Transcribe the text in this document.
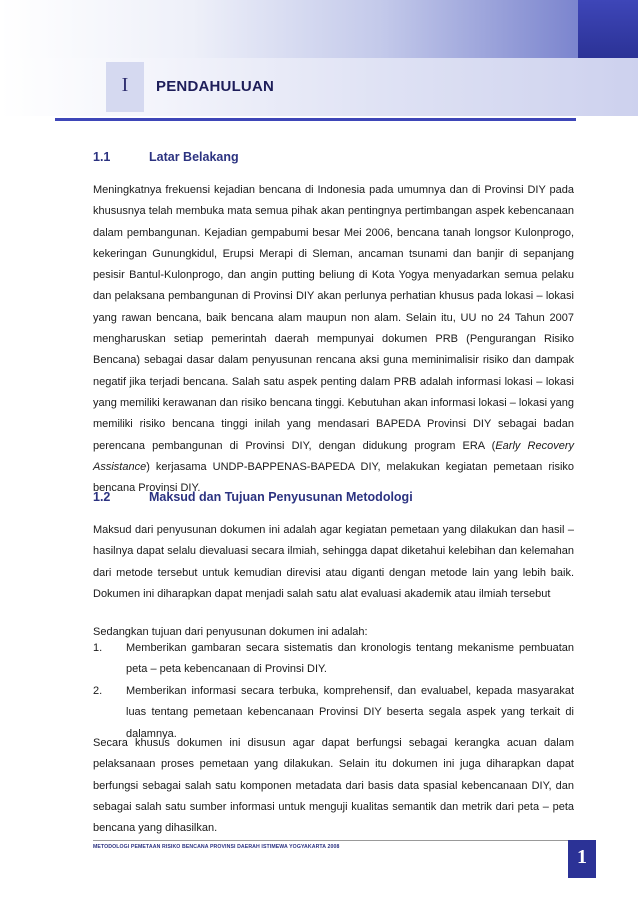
I	PENDAHULUAN
1.1	Latar Belakang
Meningkatnya frekuensi kejadian bencana di Indonesia pada umumnya dan di Provinsi DIY pada khususnya telah membuka mata semua pihak akan pentingnya pertimbangan aspek kebencanaan dalam pembangunan. Kejadian gempabumi besar Mei 2006, bencana tanah longsor Kulonprogo, kekeringan Gunungkidul, Erupsi Merapi di Sleman, ancaman tsunami dan banjir di sepanjang pesisir Bantul-Kulonprogo, dan angin putting beliung di Kota Yogya menyadarkan semua pelaku dan pelaksana pembangunan di Provinsi DIY akan perlunya perhatian khusus pada lokasi – lokasi yang rawan bencana, baik bencana alam maupun non alam. Selain itu, UU no 24 Tahun 2007 mengharuskan setiap pemerintah daerah mempunyai dokumen PRB (Pengurangan Risiko Bencana) sebagai dasar dalam penyusunan rencana aksi guna meminimalisir risiko dan dampak negatif jika terjadi bencana. Salah satu aspek penting dalam PRB adalah informasi lokasi – lokasi yang memiliki kerawanan dan risiko bencana tinggi. Kebutuhan akan informasi lokasi – lokasi yang memiliki risiko bencana tinggi inilah yang mendasari BAPEDA Provinsi DIY sebagai badan perencana pembangunan di Provinsi DIY, dengan didukung program ERA (Early Recovery Assistance) kerjasama UNDP-BAPPENAS-BAPEDA DIY, melakukan kegiatan pemetaan risiko bencana Provinsi DIY.
1.2	Maksud dan Tujuan Penyusunan Metodologi
Maksud dari penyusunan dokumen ini adalah agar kegiatan pemetaan yang dilakukan dan hasil – hasilnya dapat selalu dievaluasi secara ilmiah, sehingga dapat diketahui kelebihan dan kelemahan dari metode tersebut untuk kemudian direvisi atau diganti dengan metode lain yang lebih baik. Dokumen ini diharapkan dapat menjadi salah satu alat evaluasi akademik atau ilmiah tersebut
Sedangkan tujuan dari penyusunan dokumen ini adalah:
1. Memberikan gambaran secara sistematis dan kronologis tentang mekanisme pembuatan peta – peta kebencanaan di Provinsi DIY.
2. Memberikan informasi secara terbuka, komprehensif, dan evaluabel, kepada masyarakat luas tentang pemetaan kebencanaan Provinsi DIY beserta segala aspek yang terkait di dalamnya.
Secara khusus dokumen ini disusun agar dapat berfungsi sebagai kerangka acuan dalam pelaksanaan proses pemetaan yang dilakukan. Selain itu dokumen ini juga diharapkan dapat berfungsi sebagai salah satu komponen metadata dari basis data spasial kebencanaan DIY, dan sebagai salah satu sumber informasi untuk menguji kualitas semantik dan metrik dari peta – peta bencana yang dihasilkan.
METODOLOGI PEMETAAN RISIKO BENCANA PROVINSI DAERAH ISTIMEWA YOGYAKARTA 2008	1
